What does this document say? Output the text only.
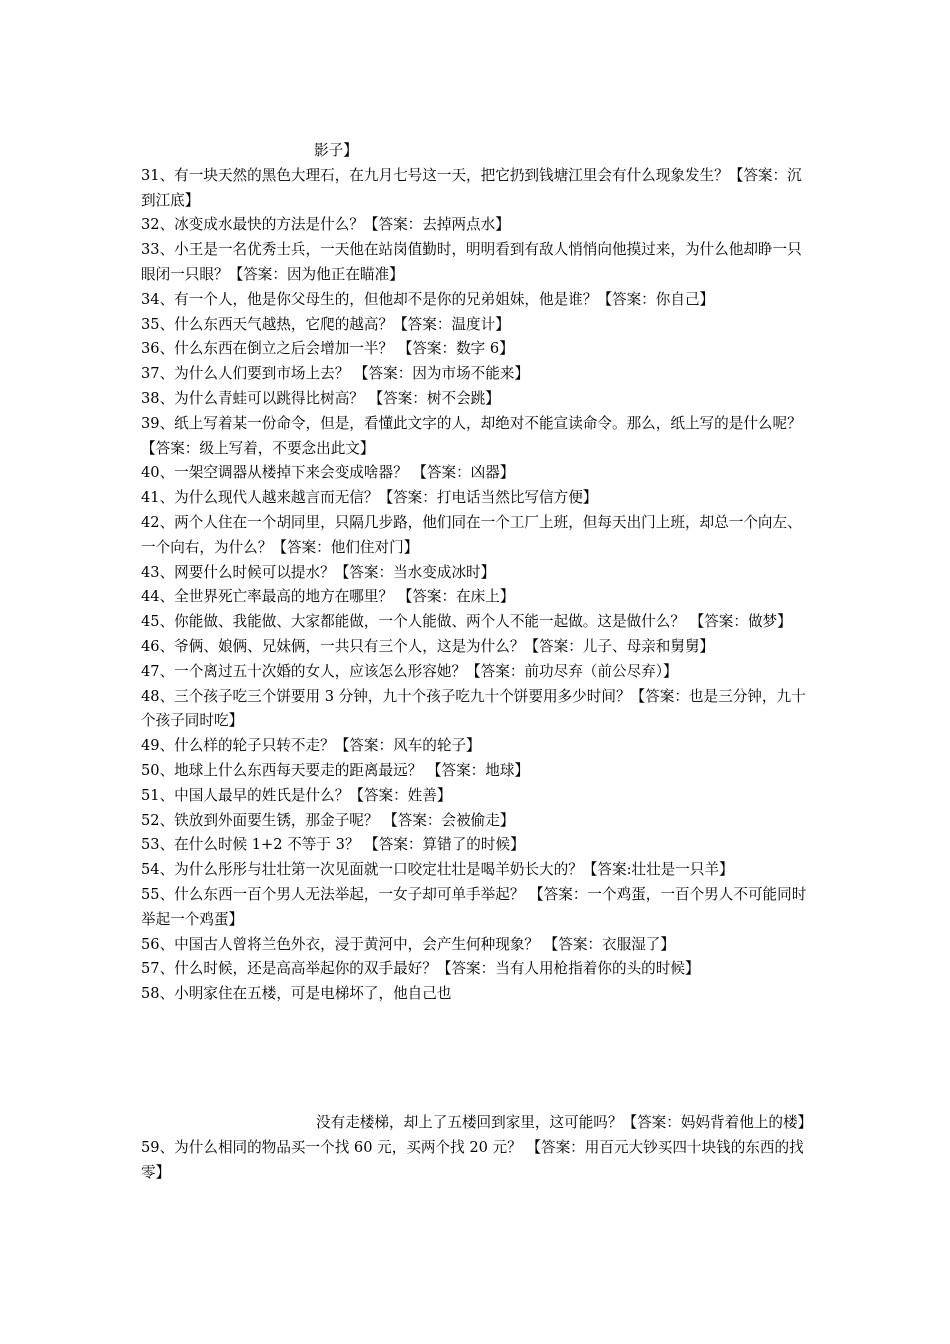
影子】

31、有一块天然的黑色大理石，在九月七号这一天，把它扔到钱塘江里会有什么现象发生？【答案：沉到江底】

32、冰变成水最快的方法是什么？【答案：去掉两点水】

33、小王是一名优秀士兵，一天他在站岗值勤时，明明看到有敌人悄悄向他摸过来，为什么他却睁一只眼闭一只眼？【答案：因为他正在瞄准】

34、有一个人，他是你父母生的，但他却不是你的兄弟姐妹，他是谁？【答案：你自己】

35、什么东西天气越热，它爬的越高？【答案：温度计】

36、什么东西在倒立之后会增加一半？ 【答案：数字 6】

37、为什么人们要到市场上去？ 【答案：因为市场不能来】

38、为什么青蛙可以跳得比树高？ 【答案：树不会跳】

39、纸上写着某一份命令，但是，看懂此文字的人，却绝对不能宣读命令。那么，纸上写的是什么呢？ 【答案：级上写着，不要念出此文】

40、一架空调器从楼掉下来会变成啥器？ 【答案：凶器】

41、为什么现代人越来越言而无信？【答案：打电话当然比写信方便】

42、两个人住在一个胡同里，只隔几步路，他们同在一个工厂上班，但每天出门上班，却总一个向左、一个向右，为什么？【答案：他们住对门】

43、网要什么时候可以提水？【答案：当水变成冰时】

44、全世界死亡率最高的地方在哪里？ 【答案：在床上】

45、你能做、我能做、大家都能做，一个人能做、两个人不能一起做。这是做什么？ 【答案：做梦】

46、爷俩、娘俩、兄妹俩，一共只有三个人，这是为什么？【答案：儿子、母亲和舅舅】

47、一个离过五十次婚的女人，应该怎么形容她？【答案：前功尽弃（前公尽弃）】

48、三个孩子吃三个饼要用 3 分钟，九十个孩子吃九十个饼要用多少时间？【答案：也是三分钟，九十个孩子同时吃】

49、什么样的轮子只转不走？【答案：风车的轮子】

50、地球上什么东西每天要走的距离最远？ 【答案：地球】

51、中国人最早的姓氏是什么？【答案：姓善】

52、铁放到外面要生锈，那金子呢？ 【答案：会被偷走】

53、在什么时候 1+2 不等于 3？ 【答案：算错了的时候】

54、为什么彤彤与壮壮第一次见面就一口咬定壮壮是喝羊奶长大的？【答案:壮壮是一只羊】

55、什么东西一百个男人无法举起，一女子却可单手举起？ 【答案：一个鸡蛋，一百个男人不可能同时举起一个鸡蛋】

56、中国古人曾将兰色外衣，浸于黄河中，会产生何种现象？ 【答案：衣服湿了】

57、什么时候，还是高高举起你的双手最好？【答案：当有人用枪指着你的头的时候】

58、小明家住在五楼，可是电梯坏了，他自己也

没有走楼梯，却上了五楼回到家里，这可能吗？【答案：妈妈背着他上的楼】

59、为什么相同的物品买一个找 60 元，买两个找 20 元？ 【答案：用百元大钞买四十块钱的东西的找零】
